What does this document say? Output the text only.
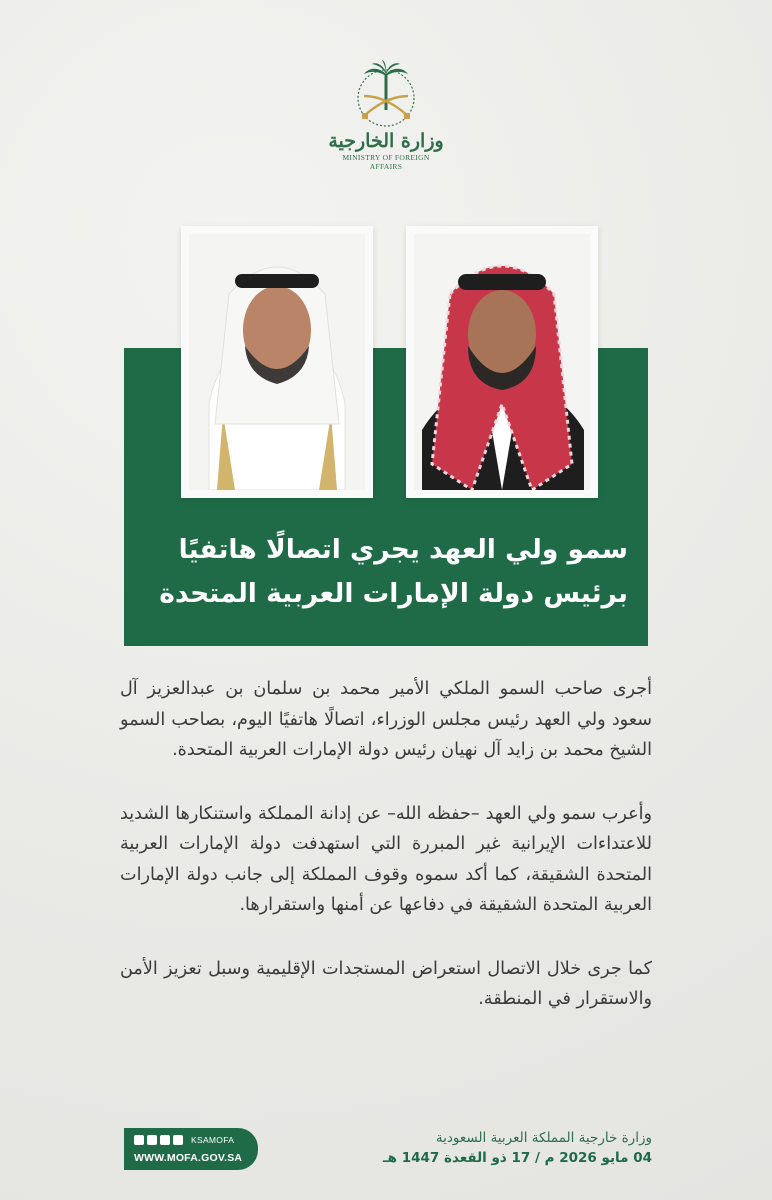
وزارة الخارجية
MINISTRY OF FOREIGN AFFAIRS
سمو ولي العهد يجري اتصالًا هاتفيًا
برئيس دولة الإمارات العربية المتحدة

أجرى صاحب السمو الملكي الأمير محمد بن سلمان بن عبدالعزيز آل سعود ولي العهد رئيس مجلس الوزراء، اتصالًا هاتفيًا اليوم، بصاحب السمو الشيخ محمد بن زايد آل نهيان رئيس دولة الإمارات العربية المتحدة.

وأعرب سمو ولي العهد –حفظه الله– عن إدانة المملكة واستنكارها الشديد للاعتداءات الإيرانية غير المبررة التي استهدفت دولة الإمارات العربية المتحدة الشقيقة، كما أكد سموه وقوف المملكة إلى جانب دولة الإمارات العربية المتحدة الشقيقة في دفاعها عن أمنها واستقرارها.

كما جرى خلال الاتصال استعراض المستجدات الإقليمية وسبل تعزيز الأمن والاستقرار في المنطقة.

KSAMOFA
WWW.MOFA.GOV.SA
وزارة خارجية المملكة العربية السعودية
04 مايو 2026 م / 17 ذو القعدة 1447 هـ
